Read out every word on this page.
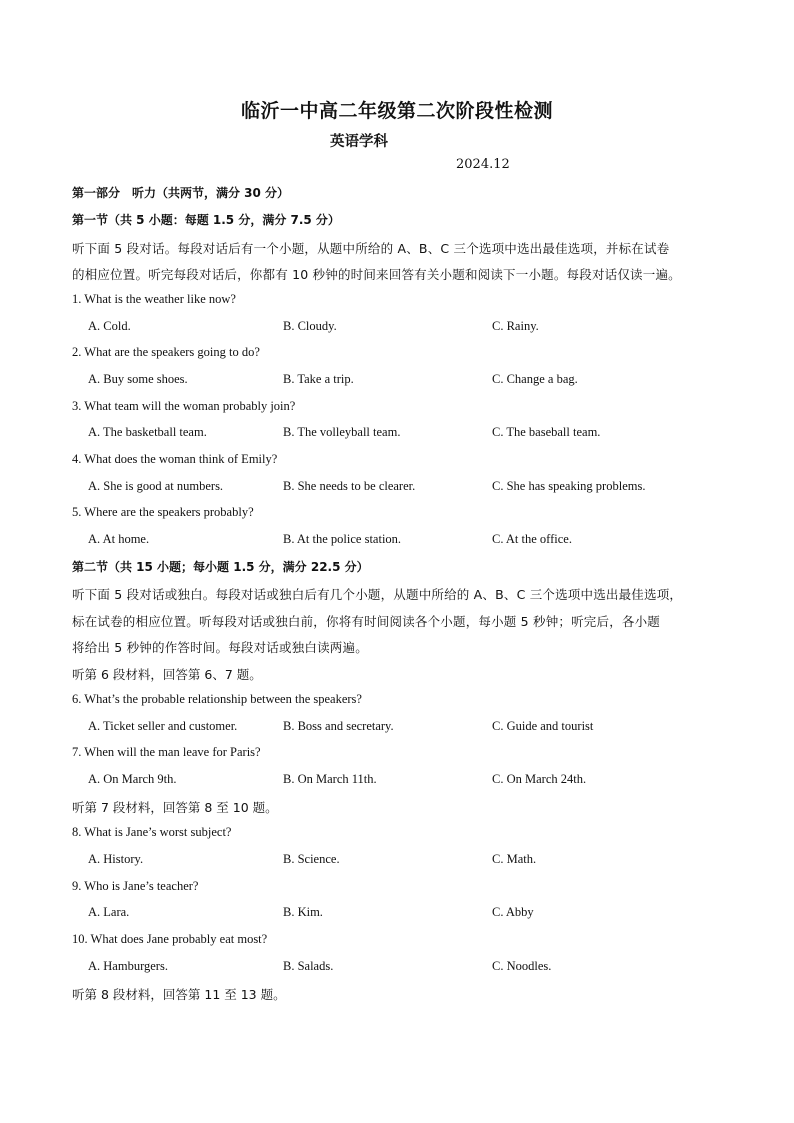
临沂一中高二年级第二次阶段性检测
英语学科
2024.12
第一部分　听力（共两节，满分 30 分）
第一节（共 5 小题：每题 1.5 分，满分 7.5 分）
听下面 5 段对话。每段对话后有一个小题，从题中所给的 A、B、C 三个选项中选出最佳选项，并标在试卷
的相应位置。听完每段对话后，你都有 10 秒钟的时间来回答有关小题和阅读下一小题。每段对话仅读一遍。
1. What is the weather like now?
A. Cold.	B. Cloudy.	C. Rainy.
2. What are the speakers going to do?
A. Buy some shoes.	B. Take a trip.	C. Change a bag.
3. What team will the woman probably join?
A. The basketball team.	B. The volleyball team.	C. The baseball team.
4. What does the woman think of Emily?
A. She is good at numbers.	B. She needs to be clearer.	C. She has speaking problems.
5. Where are the speakers probably?
A. At home.	B. At the police station.	C. At the office.
第二节（共 15 小题；每小题 1.5 分，满分 22.5 分）
听下面 5 段对话或独白。每段对话或独白后有几个小题，从题中所给的 A、B、C 三个选项中选出最佳选项，
标在试卷的相应位置。听每段对话或独白前，你将有时间阅读各个小题，每小题 5 秒钟；听完后，各小题
将给出 5 秒钟的作答时间。每段对话或独白读两遍。
听第 6 段材料，回答第 6、7 题。
6. What’s the probable relationship between the speakers?
A. Ticket seller and customer.	B. Boss and secretary.	C. Guide and tourist
7. When will the man leave for Paris?
A. On March 9th.	B. On March 11th.	C. On March 24th.
听第 7 段材料，回答第 8 至 10 题。
8. What is Jane’s worst subject?
A. History.	B. Science.	C. Math.
9. Who is Jane’s teacher?
A. Lara.	B. Kim.	C. Abby
10. What does Jane probably eat most?
A. Hamburgers.	B. Salads.	C. Noodles.
听第 8 段材料，回答第 11 至 13 题。
